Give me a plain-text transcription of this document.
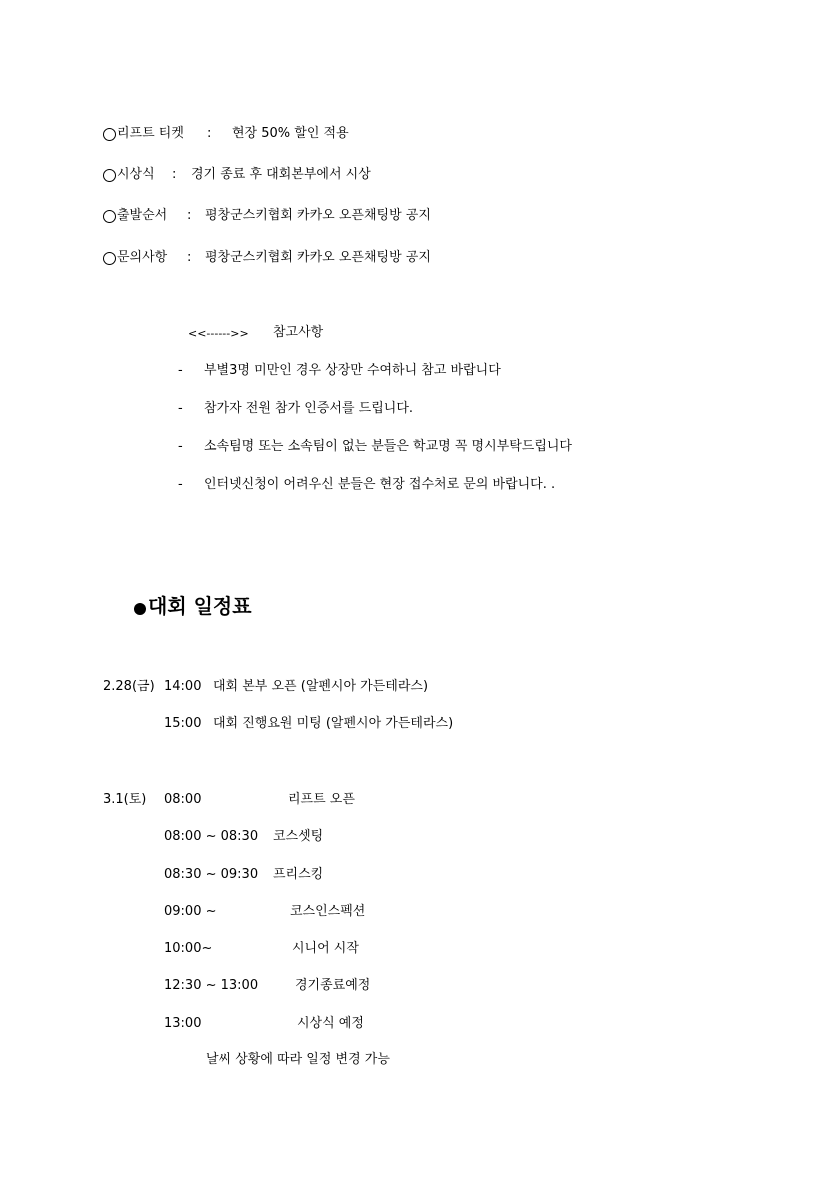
리프트 티켓 : 현장 50% 할인 적용
시상식 : 경기 종료 후 대회본부에서 시상
출발순서 : 평창군스키협회 카카오 오픈채팅방 공지
문의사항 : 평창군스키협회 카카오 오픈채팅방 공지
<<------>> 참고사항
- 부별3명 미만인 경우 상장만 수여하니 참고 바랍니다
- 참가자 전원 참가 인증서를 드립니다.
- 소속팀명 또는 소속팀이 없는 분들은 학교명 꼭 명시부탁드립니다
- 인터넷신청이 어려우신 분들은 현장 접수처로 문의 바랍니다. .
대회 일정표
2.28(금) 14:00 대회 본부 오픈 (알펜시아 가든테라스)
15:00 대회 진행요원 미팅 (알펜시아 가든테라스)
3.1(토) 08:00	리프트 오픈
08:00 ~ 08:30 코스셋팅
08:30 ~ 09:30 프리스킹
09:00 ~	코스인스펙션
10:00~	시니어 시작
12:30 ~ 13:00	경기종료예정
13:00	시상식 예정
날씨 상황에 따라 일정 변경 가능
